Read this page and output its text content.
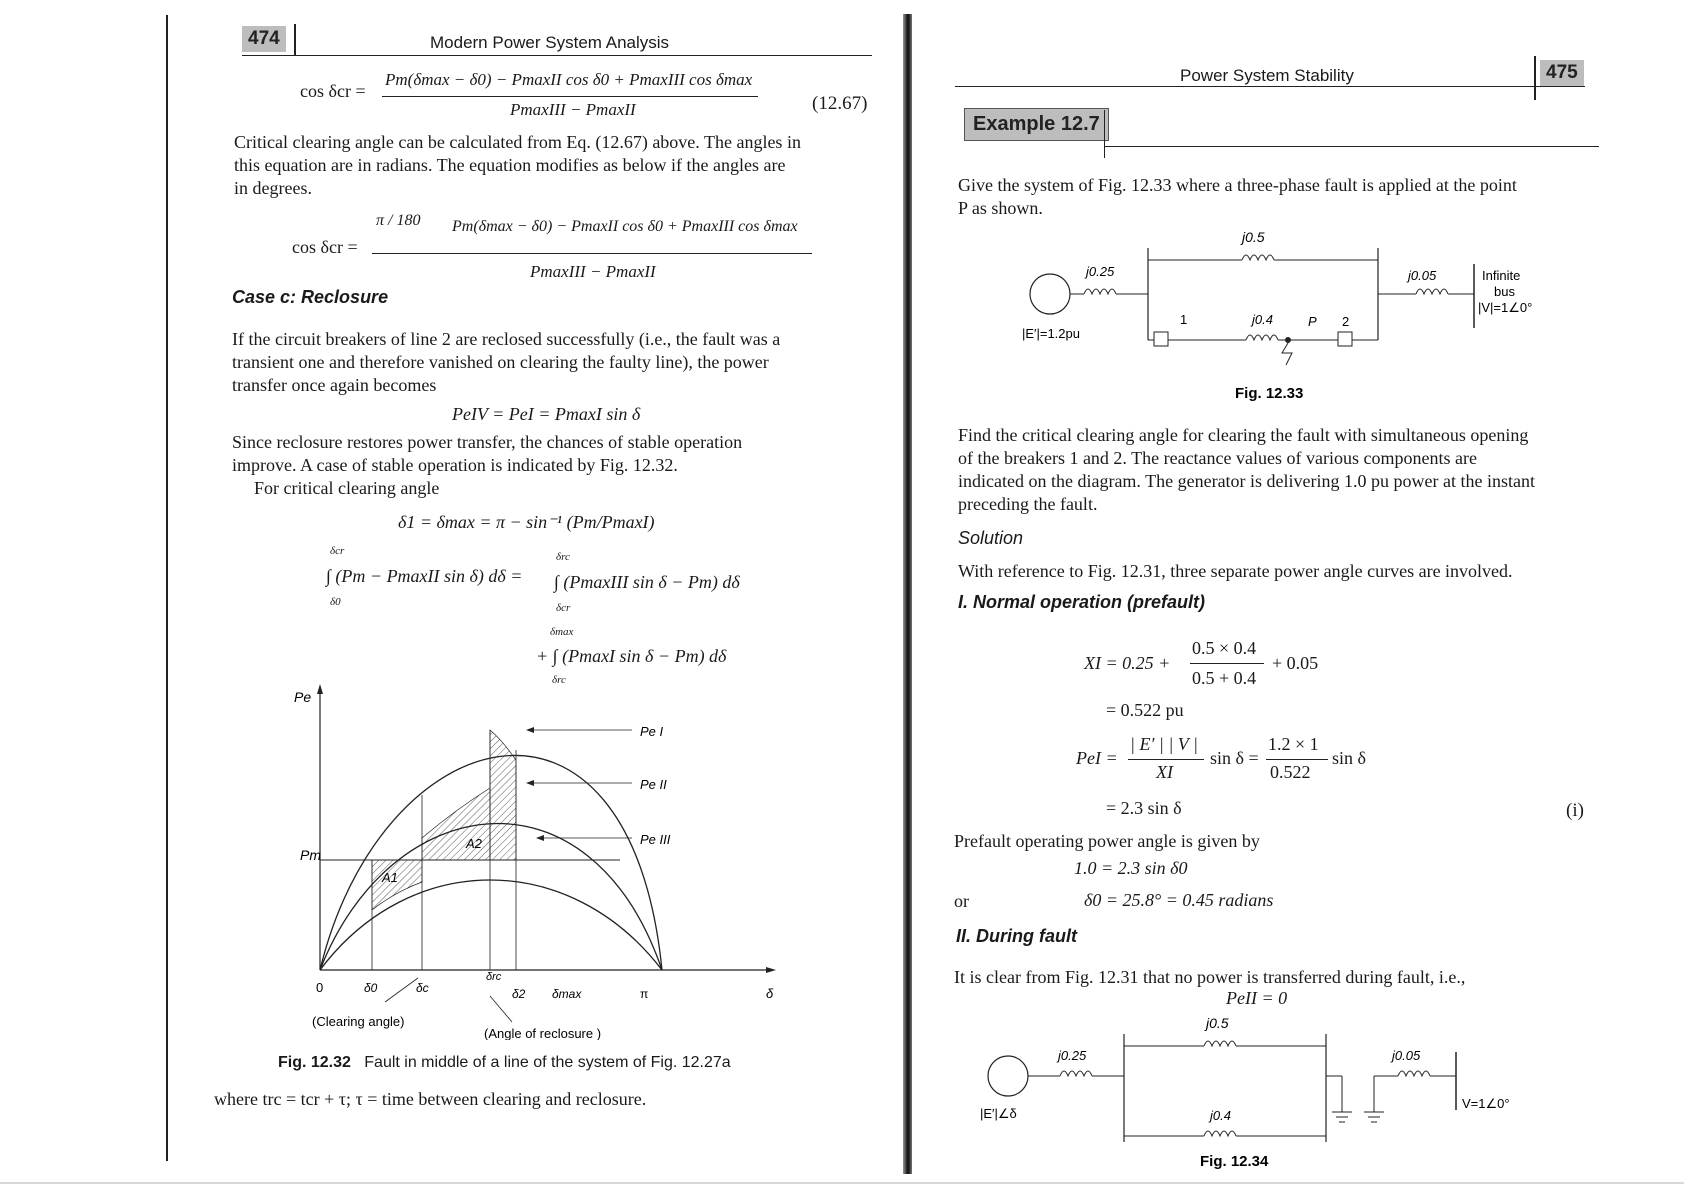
474	Modern Power System Analysis
cos δcr =
Pm(δmax − δ0) − PmaxII cos δ0 + PmaxIII cos δmax
PmaxIII − PmaxII	(12.67)
Critical clearing angle can be calculated from Eq. (12.67) above. The angles in
this equation are in radians. The equation modifies as below if the angles are
in degrees.
cos δcr =
π / 180 Pm(δmax − δ0) − PmaxII cos δ0 + PmaxIII cos δmax
PmaxIII − PmaxII
Case c: Reclosure
If the circuit breakers of line 2 are reclosed successfully (i.e., the fault was a
transient one and therefore vanished on clearing the faulty line), the power
transfer once again becomes
PeIV = PeI = PmaxI sin δ
Since reclosure restores power transfer, the chances of stable operation
improve. A case of stable operation is indicated by Fig. 12.32.
For critical clearing angle
δ1 = δmax = π − sin⁻¹ (Pm/PmaxI)
δcr
∫ (Pm − PmaxII sin δ) dδ =
δ0
δrc
∫ (PmaxIII sin δ − Pm) dδ
δcr
δmax
+ ∫ (PmaxI sin δ − Pm) dδ
δrc
Pe
Pm
0	δ0	δc
δrc
δ2 δmax	π	δ
Pe I
Pe II
Pe III
A1
A2
(Clearing angle)
(Angle of reclosure )
Fig. 12.32 Fault in middle of a line of the system of Fig. 12.27a
where trc = tcr + τ; τ = time between clearing and reclosure.
Power System Stability	475
Example 12.7
Give the system of Fig. 12.33 where a three-phase fault is applied at the point
P as shown.
j0.5
j0.25
j0.4
j0.05
1	P 2
|E′|=1.2pu
Infinite
bus
|V|=1∠0°
Fig. 12.33
Find the critical clearing angle for clearing the fault with simultaneous opening
of the breakers 1 and 2. The reactance values of various components are
indicated on the diagram. The generator is delivering 1.0 pu power at the instant
preceding the fault.
Solution
With reference to Fig. 12.31, three separate power angle curves are involved.
I. Normal operation (prefault)
XI = 0.25 +
0.5 × 0.4
0.5 + 0.4
+ 0.05
= 0.522 pu
PeI =
| E′ | | V |
XI
sin δ =
1.2 × 1
0.522
sin δ
= 2.3 sin δ	(i)
Prefault operating power angle is given by
1.0 = 2.3 sin δ0
or	δ0 = 25.8° = 0.45 radians
II. During fault
It is clear from Fig. 12.31 that no power is transferred during fault, i.e.,
PeII = 0
j0.5
j0.25
j0.4
j0.05
|E′|∠δ
V=1∠0°
Fig. 12.34
